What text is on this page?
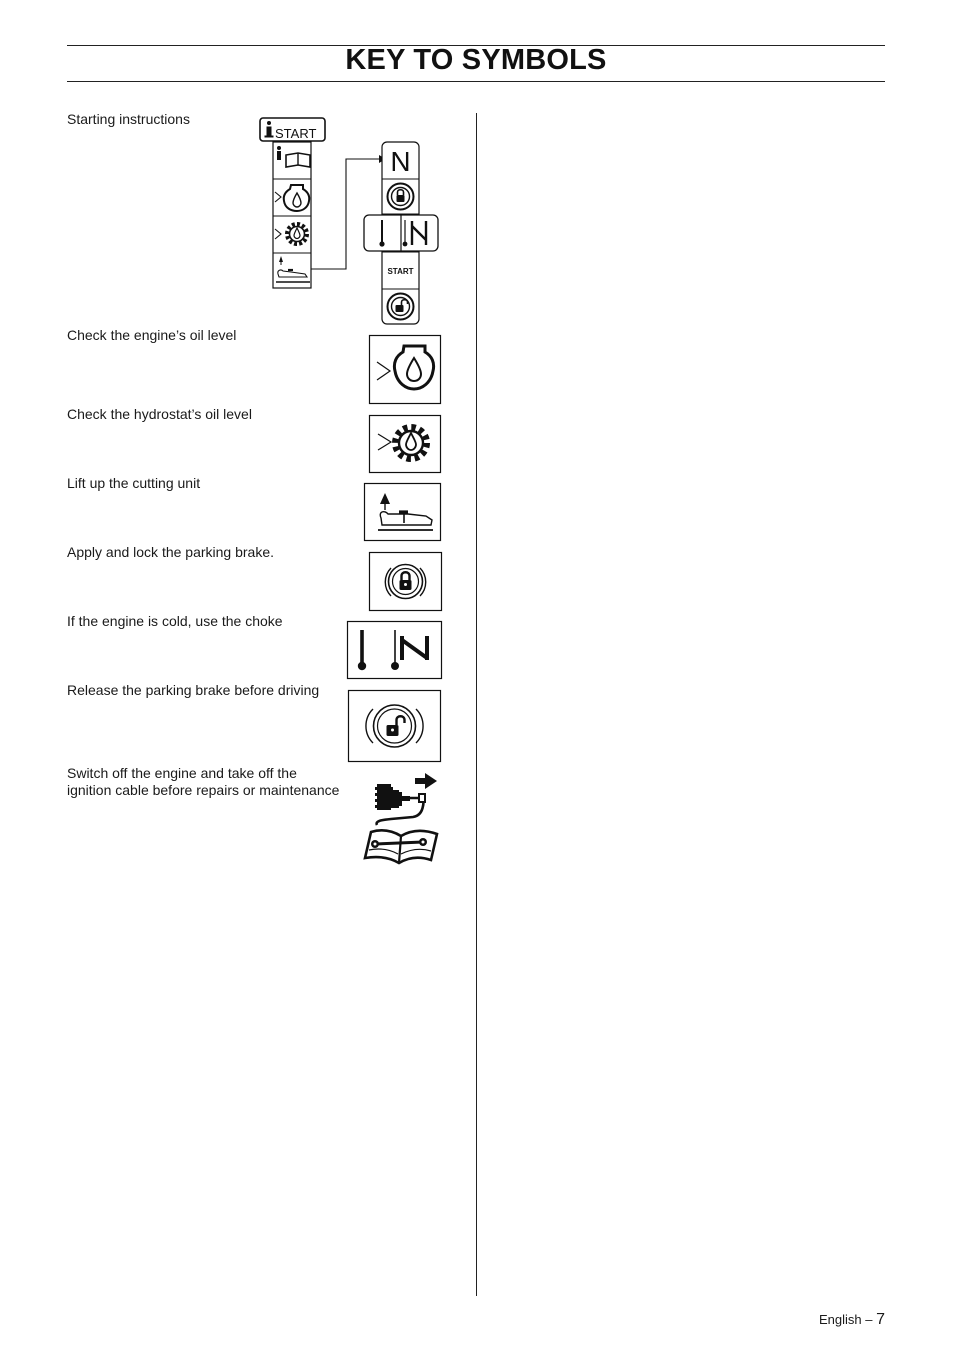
KEY TO SYMBOLS
Starting instructions
Check the engine’s oil level
Check the hydrostat’s oil level
Lift up the cutting unit
Apply and lock the parking brake.
If the engine is cold, use the choke
Release the parking brake before driving
Switch off the engine and take off the
ignition cable before repairs or maintenance
START
N
START
English – 7
